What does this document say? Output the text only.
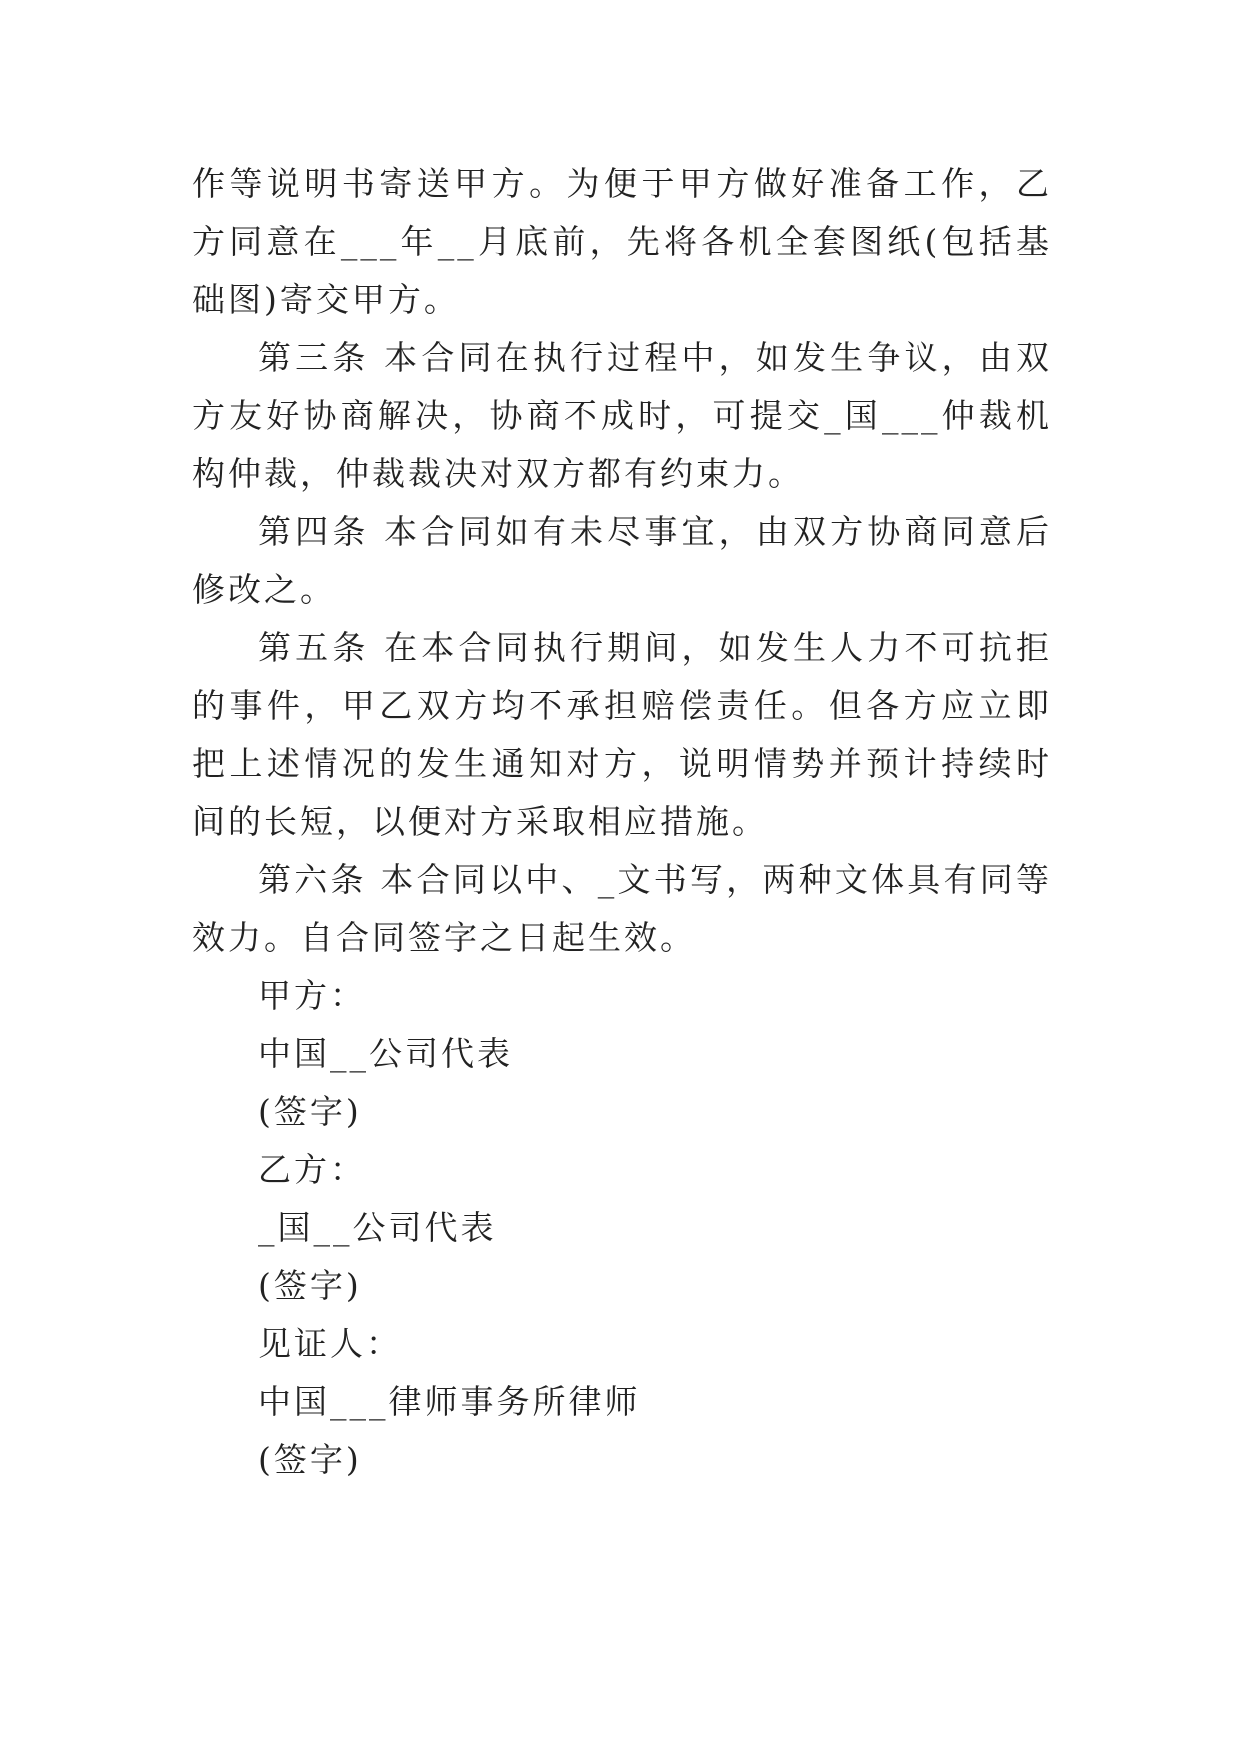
作等说明书寄送甲方。为便于甲方做好准备工作，乙方同意在___年__月底前，先将各机全套图纸(包括基础图)寄交甲方。

第三条 本合同在执行过程中，如发生争议，由双方友好协商解决，协商不成时，可提交_国___仲裁机构仲裁，仲裁裁决对双方都有约束力。

第四条 本合同如有未尽事宜，由双方协商同意后修改之。

第五条 在本合同执行期间，如发生人力不可抗拒的事件，甲乙双方均不承担赔偿责任。但各方应立即把上述情况的发生通知对方，说明情势并预计持续时间的长短，以便对方采取相应措施。

第六条 本合同以中、_文书写，两种文体具有同等效力。自合同签字之日起生效。

甲方：

中国__公司代表

(签字)

乙方：

_国__公司代表

(签字)

见证人：

中国___律师事务所律师

(签字)
